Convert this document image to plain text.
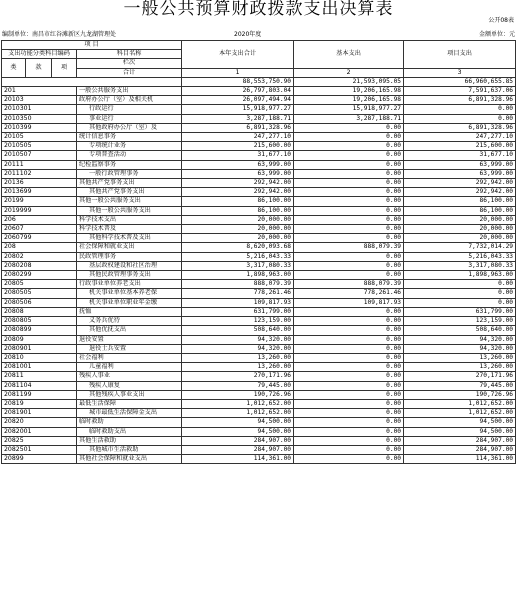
一般公共预算财政拨款支出决算表
公开08表
编制单位：南昌市红谷滩新区九龙湖管理处	2020年度	金额单位：元
项 目				本年支出合计	基本支出	项目支出
支出功能分类科目编码			科目名称			

类	款	项	栏次			
			合计	1	2	3
				88,553,750.90	21,593,095.05	66,960,655.85
201			一般公共服务支出	26,797,803.04	19,206,165.98	7,591,637.06
20103			政府办公厅（室）及相关机	26,097,494.94	19,206,165.98	6,891,328.96
2010301			行政运行	15,918,977.27	15,918,977.27	0.00
2010350			事业运行	3,287,188.71	3,287,188.71	0.00
2010399			其他政府办公厅（室）及	6,891,328.96	0.00	6,891,328.96
20105			统计信息事务	247,277.10	0.00	247,277.10
2010505			专项统计业务	215,600.00	0.00	215,600.00
2010507			专项普查活动	31,677.10	0.00	31,677.10
20111			纪检监察事务	63,999.00	0.00	63,999.00
2011102			一般行政管理事务	63,999.00	0.00	63,999.00
20136			其他共产党事务支出	292,942.00	0.00	292,942.00
2013699			其他共产党事务支出	292,942.00	0.00	292,942.00
20199			其他一般公共服务支出	86,100.00	0.00	86,100.00
2019999			其他一般公共服务支出	86,100.00	0.00	86,100.00
206			科学技术支出	20,000.00	0.00	20,000.00
20607			科学技术普及	20,000.00	0.00	20,000.00
2060799			其他科学技术普及支出	20,000.00	0.00	20,000.00
208			社会保障和就业支出	8,620,093.68	888,079.39	7,732,014.29
20802			民政管理事务	5,216,043.33	0.00	5,216,043.33
2080208			基层政权建设和社区治理	3,317,080.33	0.00	3,317,080.33
2080299			其他民政管理事务支出	1,898,963.00	0.00	1,898,963.00
20805			行政事业单位养老支出	888,079.39	888,079.39	0.00
2080505			机关事业单位基本养老保	778,261.46	778,261.46	0.00
2080506			机关事业单位职业年金缴	109,817.93	109,817.93	0.00
20808			抚恤	631,799.00	0.00	631,799.00
2080805			义务兵优待	123,159.00	0.00	123,159.00
2080899			其他优抚支出	508,640.00	0.00	508,640.00
20809			退役安置	94,320.00	0.00	94,320.00
2080901			退役士兵安置	94,320.00	0.00	94,320.00
20810			社会福利	13,260.00	0.00	13,260.00
2081001			儿童福利	13,260.00	0.00	13,260.00
20811			残疾人事业	270,171.96	0.00	270,171.96
2081104			残疾人康复	79,445.00	0.00	79,445.00
2081199			其他残疾人事业支出	190,726.96	0.00	190,726.96
20819			最低生活保障	1,012,652.00	0.00	1,012,652.00
2081901			城市最低生活保障金支出	1,012,652.00	0.00	1,012,652.00
20820			临时救助	94,500.00	0.00	94,500.00
2082001			临时救助支出	94,500.00	0.00	94,500.00
20825			其他生活救助	284,907.00	0.00	284,907.00
2082501			其他城市生活救助	284,907.00	0.00	284,907.00
20899			其他社会保障和就业支出	114,361.00	0.00	114,361.00
